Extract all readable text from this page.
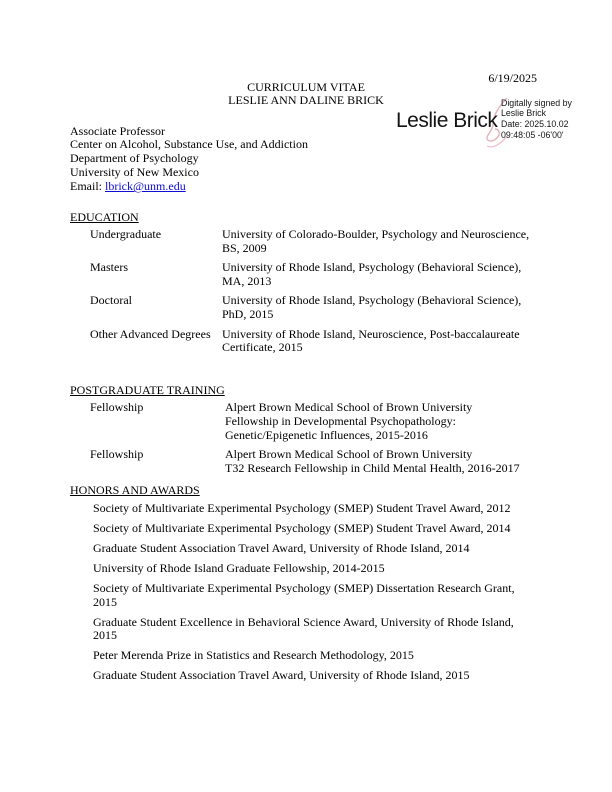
6/19/2025
CURRICULUM VITAE
LESLIE ANN DALINE BRICK
Leslie Brick
Digitally signed by
Leslie Brick
Date: 2025.10.02
09:48:05 -06'00'
Associate Professor
Center on Alcohol, Substance Use, and Addiction
Department of Psychology
University of New Mexico
Email: lbrick@unm.edu
EDUCATION
Undergraduate	University of Colorado-Boulder, Psychology and Neuroscience,
BS, 2009
Masters	University of Rhode Island, Psychology (Behavioral Science),
MA, 2013
Doctoral	University of Rhode Island, Psychology (Behavioral Science),
PhD, 2015
Other Advanced Degrees University of Rhode Island, Neuroscience, Post-baccalaureate
Certificate, 2015
POSTGRADUATE TRAINING
Fellowship	Alpert Brown Medical School of Brown University
Fellowship in Developmental Psychopathology:
Genetic/Epigenetic Influences, 2015-2016
Fellowship	Alpert Brown Medical School of Brown University
T32 Research Fellowship in Child Mental Health, 2016-2017
HONORS AND AWARDS
Society of Multivariate Experimental Psychology (SMEP) Student Travel Award, 2012
Society of Multivariate Experimental Psychology (SMEP) Student Travel Award, 2014
Graduate Student Association Travel Award, University of Rhode Island, 2014
University of Rhode Island Graduate Fellowship, 2014-2015
Society of Multivariate Experimental Psychology (SMEP) Dissertation Research Grant,
2015
Graduate Student Excellence in Behavioral Science Award, University of Rhode Island,
2015
Peter Merenda Prize in Statistics and Research Methodology, 2015
Graduate Student Association Travel Award, University of Rhode Island, 2015
